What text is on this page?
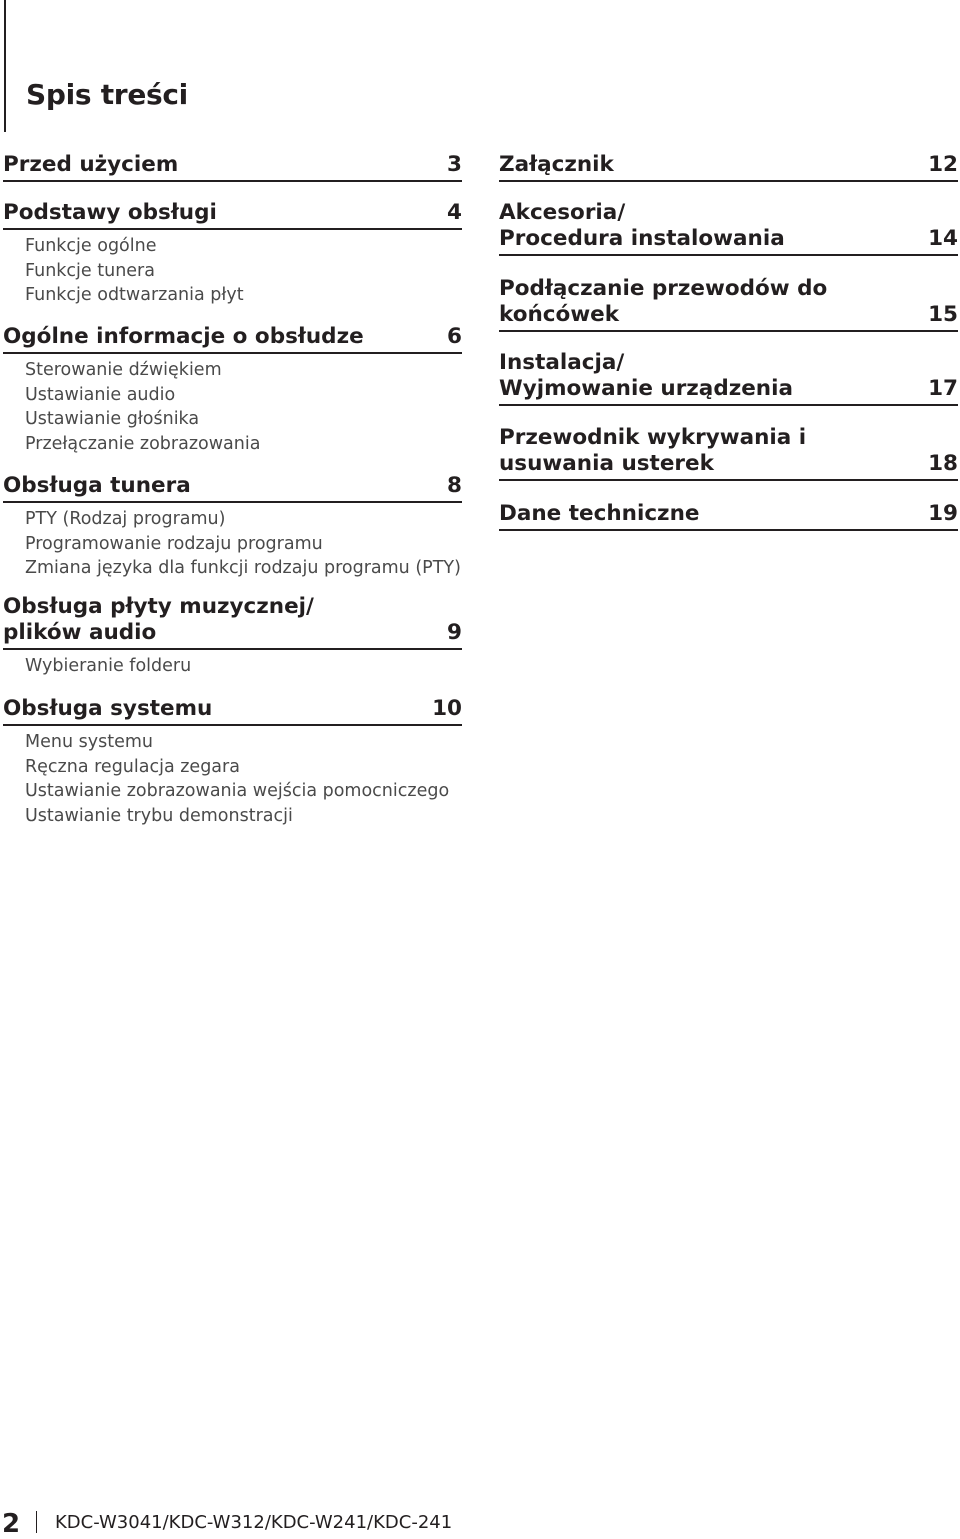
Spis treści
Przed użyciem	3
Podstawy obsługi	4
Funkcje ogólne
Funkcje tunera
Funkcje odtwarzania płyt
Ogólne informacje o obsłudze	6
Sterowanie dźwiękiem
Ustawianie audio
Ustawianie głośnika
Przełączanie zobrazowania
Obsługa tunera	8
PTY (Rodzaj programu)
Programowanie rodzaju programu
Zmiana języka dla funkcji rodzaju programu (PTY)
Obsługa płyty muzycznej/
plików audio	9
Wybieranie folderu
Obsługa systemu	10
Menu systemu
Ręczna regulacja zegara
Ustawianie zobrazowania wejścia pomocniczego
Ustawianie trybu demonstracji
Załącznik	12
Akcesoria/
Procedura instalowania	14
Podłączanie przewodów do
końcówek	15
Instalacja/
Wyjmowanie urządzenia	17
Przewodnik wykrywania i
usuwania usterek	18
Dane techniczne	19
2 KDC-W3041/KDC-W312/KDC-W241/KDC-241
